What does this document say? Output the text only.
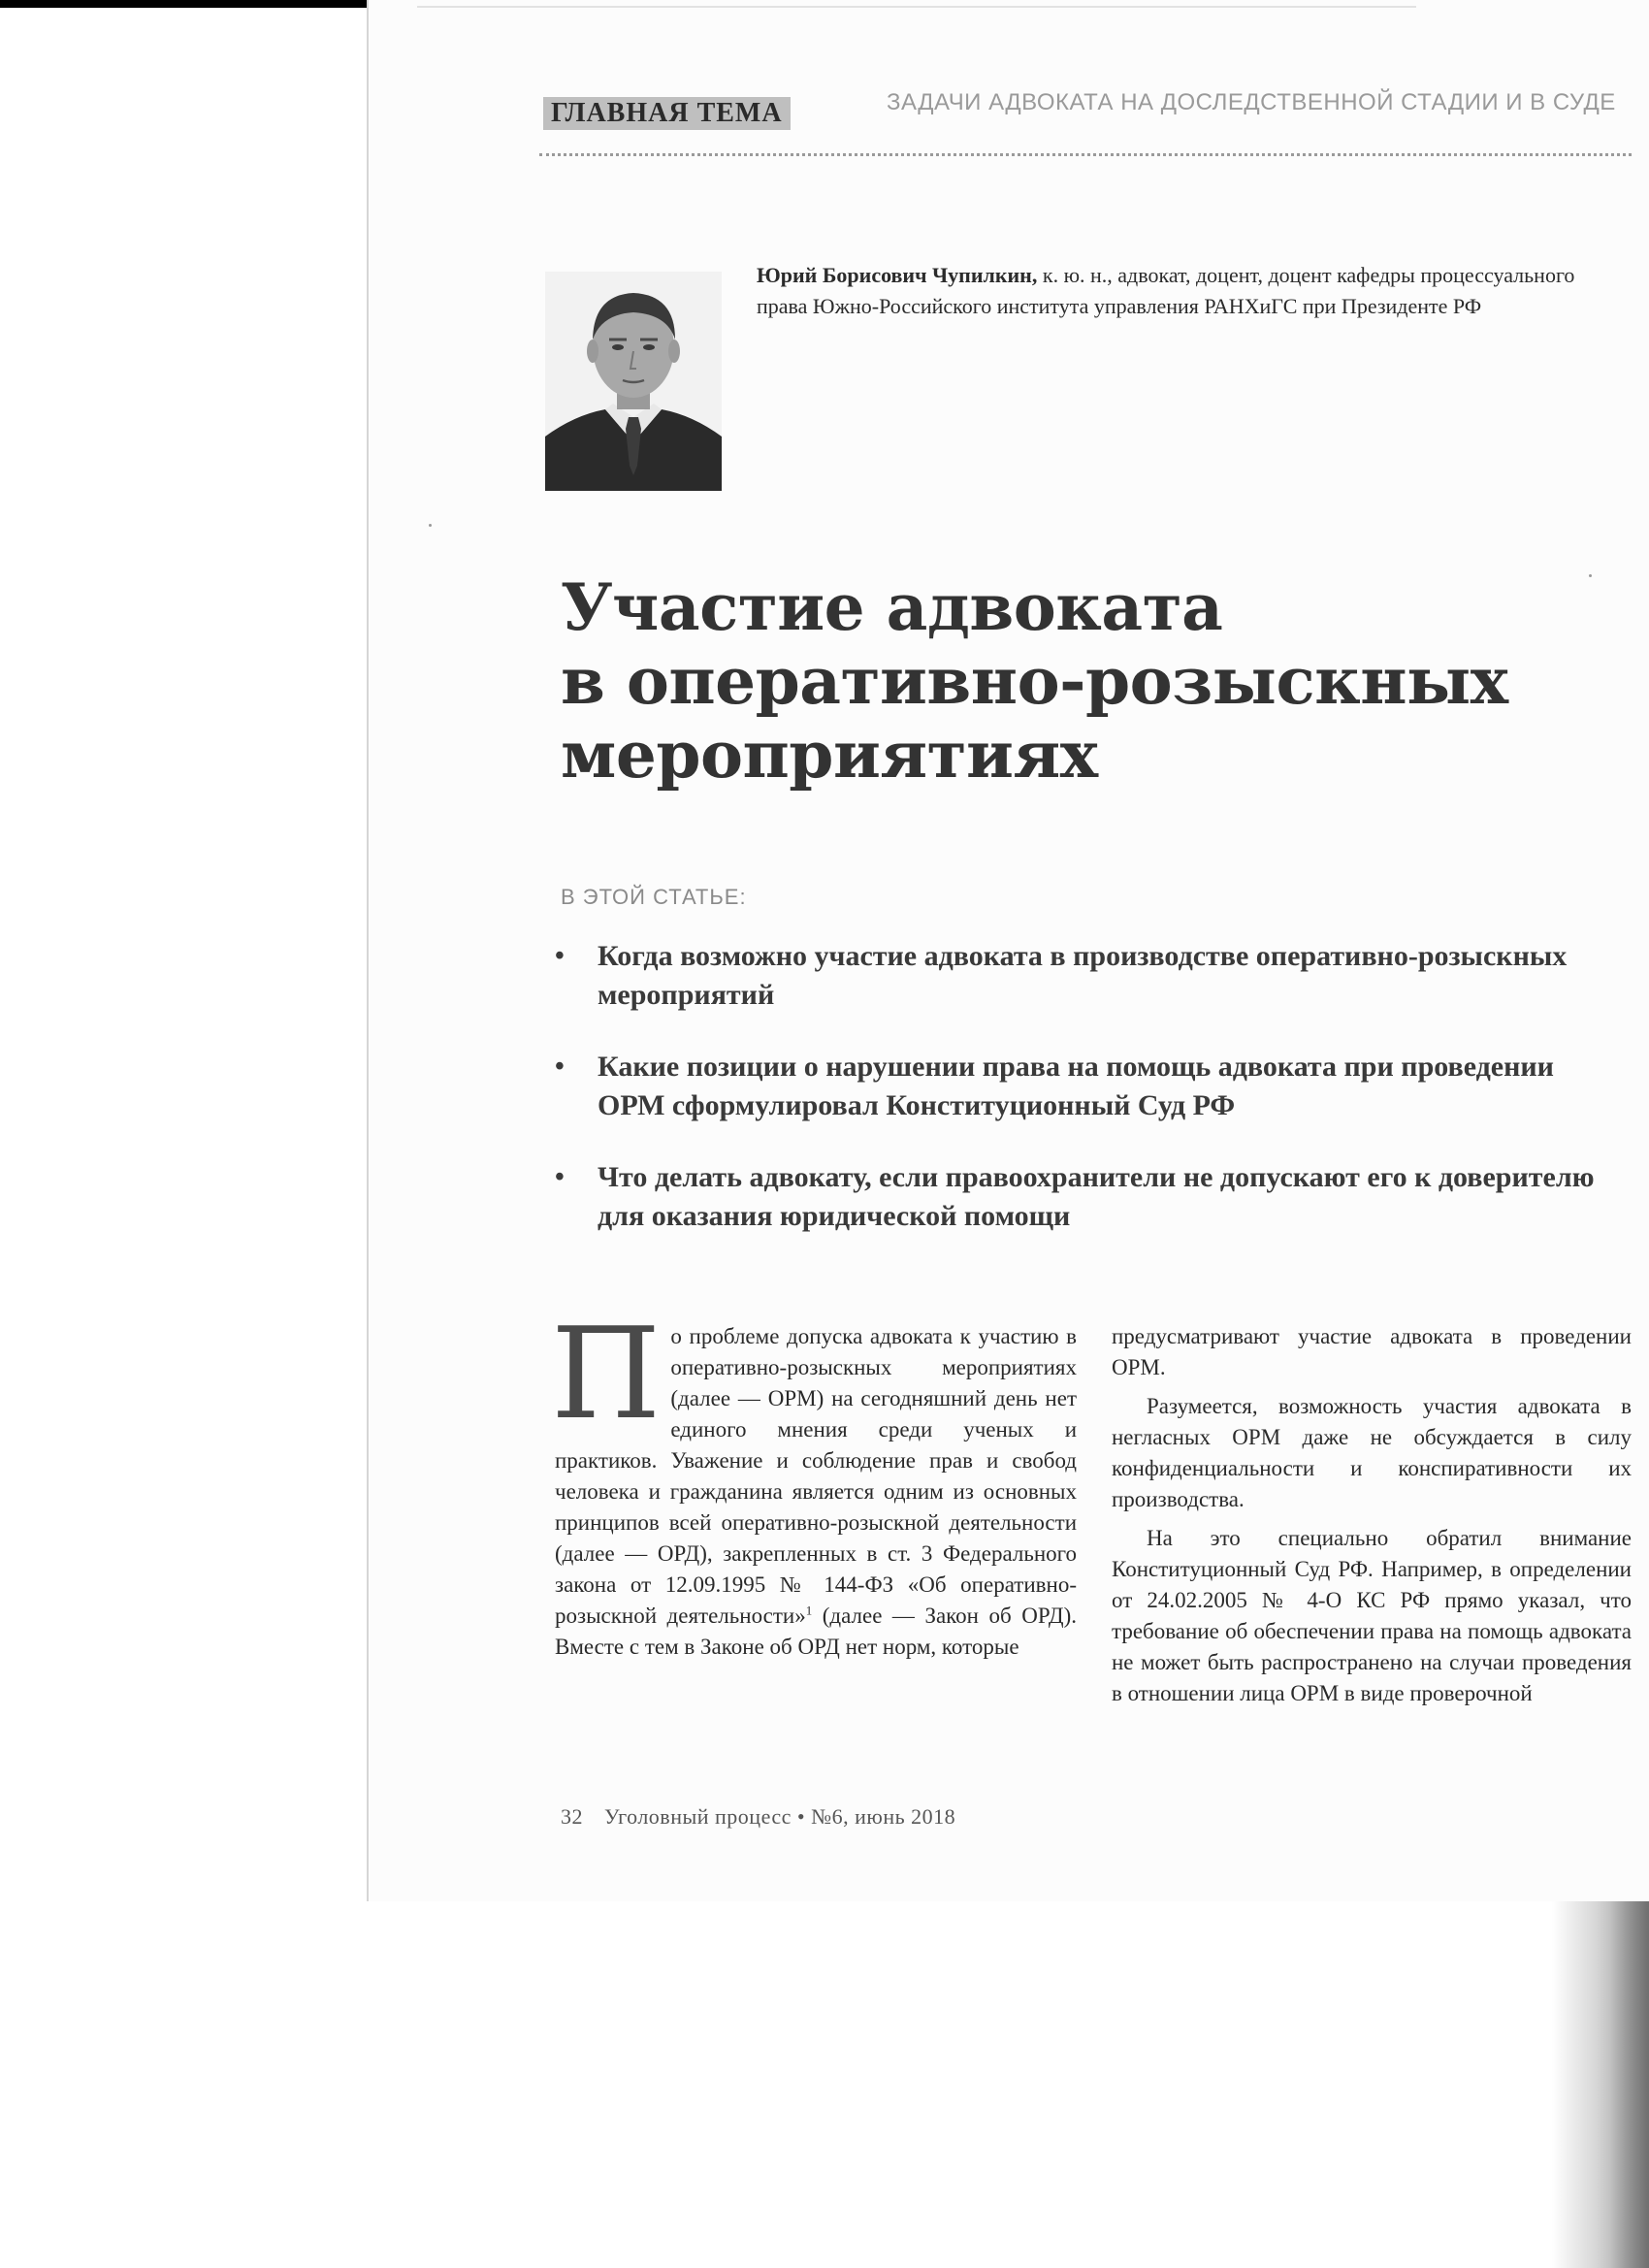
ГЛАВНАЯ ТЕМА	ЗАДАЧИ АДВОКАТА НА ДОСЛЕДСТВЕННОЙ СТАДИИ И В СУДЕ
Юрий Борисович Чупилкин, к. ю. н., адвокат, доцент, доцент кафедры процессуального права Южно-Российского института управления РАНХиГС при Президенте РФ
Участие адвоката
в оперативно-розыскных
мероприятиях
В ЭТОЙ СТАТЬЕ:
• Когда возможно участие адвоката в производстве оперативно-розыскных мероприятий
• Какие позиции о нарушении права на помощь адвоката при проведении ОРМ сформулировал Конституционный Суд РФ
• Что делать адвокату, если правоохранители не допускают его к доверителю для оказания юридической помощи

По проблеме допуска адвоката к участию в оперативно-розыскных мероприятиях (далее — ОРМ) на сегодняшний день нет единого мнения среди ученых и практиков. Уважение и соблюдение прав и свобод человека и гражданина является одним из основных принципов всей оперативно-розыскной деятельности (далее — ОРД), закрепленных в ст. 3 Федерального закона от 12.09.1995 № 144-ФЗ «Об оперативно-розыскной деятельности»$^1$ (далее — Закон об ОРД). Вместе с тем в Законе об ОРД нет норм, которые

предусматривают участие адвоката в проведении ОРМ.

Разумеется, возможность участия адвоката в негласных ОРМ даже не обсуждается в силу конфиденциальности и конспиративности их производства.

На это специально обратил внимание Конституционный Суд РФ. Например, в определении от 24.02.2005 № 4-О КС РФ прямо указал, что требование об обеспечении права на помощь адвоката не может быть распространено на случаи проведения в отношении лица ОРМ в виде проверочной

32 Уголовный процесс • №6, июнь 2018
